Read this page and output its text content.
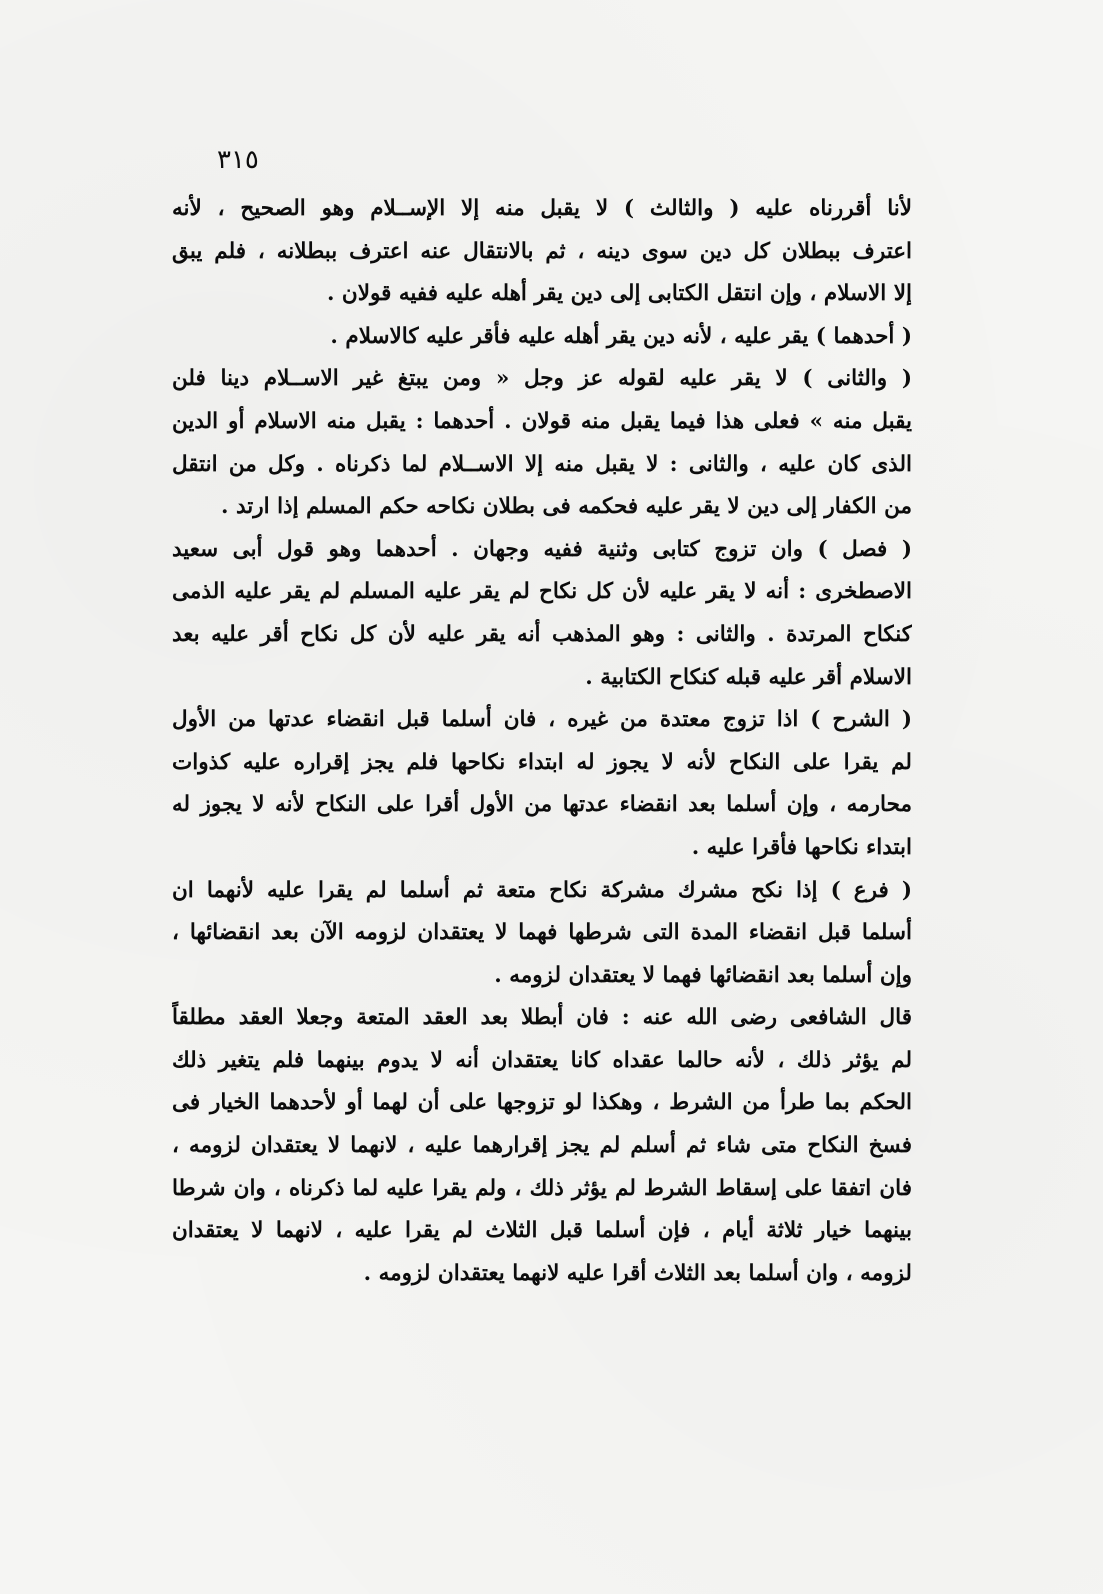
٣١٥
لأنا أقررناه عليه ( والثالث ) لا يقبل منه إلا الإســلام وهو الصحيح ، لأنه
اعترف ببطلان كل دين سوى دينه ، ثم بالانتقال عنه اعترف ببطلانه ، فلم يبق
إلا الاسلام ، وإن انتقل الكتابى إلى دين يقر أهله عليه ففيه قولان .
( أحدهما ) يقر عليه ، لأنه دين يقر أهله عليه فأقر عليه كالاسلام .
( والثانى ) لا يقر عليه لقوله عز وجل « ومن يبتغ غير الاســلام دينا فلن
يقبل منه » فعلى هذا فيما يقبل منه قولان . أحدهما : يقبل منه الاسلام أو الدين
الذى كان عليه ، والثانى : لا يقبل منه إلا الاســلام لما ذكرناه . وكل من انتقل
من الكفار إلى دين لا يقر عليه فحكمه فى بطلان نكاحه حكم المسلم إذا ارتد .
( فصل ) وان تزوج كتابى وثنية ففيه وجهان . أحدهما وهو قول أبى سعيد
الاصطخرى : أنه لا يقر عليه لأن كل نكاح لم يقر عليه المسلم لم يقر عليه الذمى
كنكاح المرتدة . والثانى : وهو المذهب أنه يقر عليه لأن كل نكاح أقر عليه بعد
الاسلام أقر عليه قبله كنكاح الكتابية .
( الشرح ) اذا تزوج معتدة من غيره ، فان أسلما قبل انقضاء عدتها من الأول
لم يقرا على النكاح لأنه لا يجوز له ابتداء نكاحها فلم يجز إقراره عليه كذوات
محارمه ، وإن أسلما بعد انقضاء عدتها من الأول أقرا على النكاح لأنه لا يجوز له
ابتداء نكاحها فأقرا عليه .
( فرع ) إذا نكح مشرك مشركة نكاح متعة ثم أسلما لم يقرا عليه لأنهما ان
أسلما قبل انقضاء المدة التى شرطها فهما لا يعتقدان لزومه الآن بعد انقضائها ،
وإن أسلما بعد انقضائها فهما لا يعتقدان لزومه .
قال الشافعى رضى الله عنه : فان أبطلا بعد العقد المتعة وجعلا العقد مطلقاً
لم يؤثر ذلك ، لأنه حالما عقداه كانا يعتقدان أنه لا يدوم بينهما فلم يتغير ذلك
الحكم بما طرأ من الشرط ، وهكذا لو تزوجها على أن لهما أو لأحدهما الخيار فى
فسخ النكاح متى شاء ثم أسلم لم يجز إقرارهما عليه ، لانهما لا يعتقدان لزومه ،
فان اتفقا على إسقاط الشرط لم يؤثر ذلك ، ولم يقرا عليه لما ذكرناه ، وان شرطا
بينهما خيار ثلاثة أيام ، فإن أسلما قبل الثلاث لم يقرا عليه ، لانهما لا يعتقدان
لزومه ، وان أسلما بعد الثلاث أقرا عليه لانهما يعتقدان لزومه .
